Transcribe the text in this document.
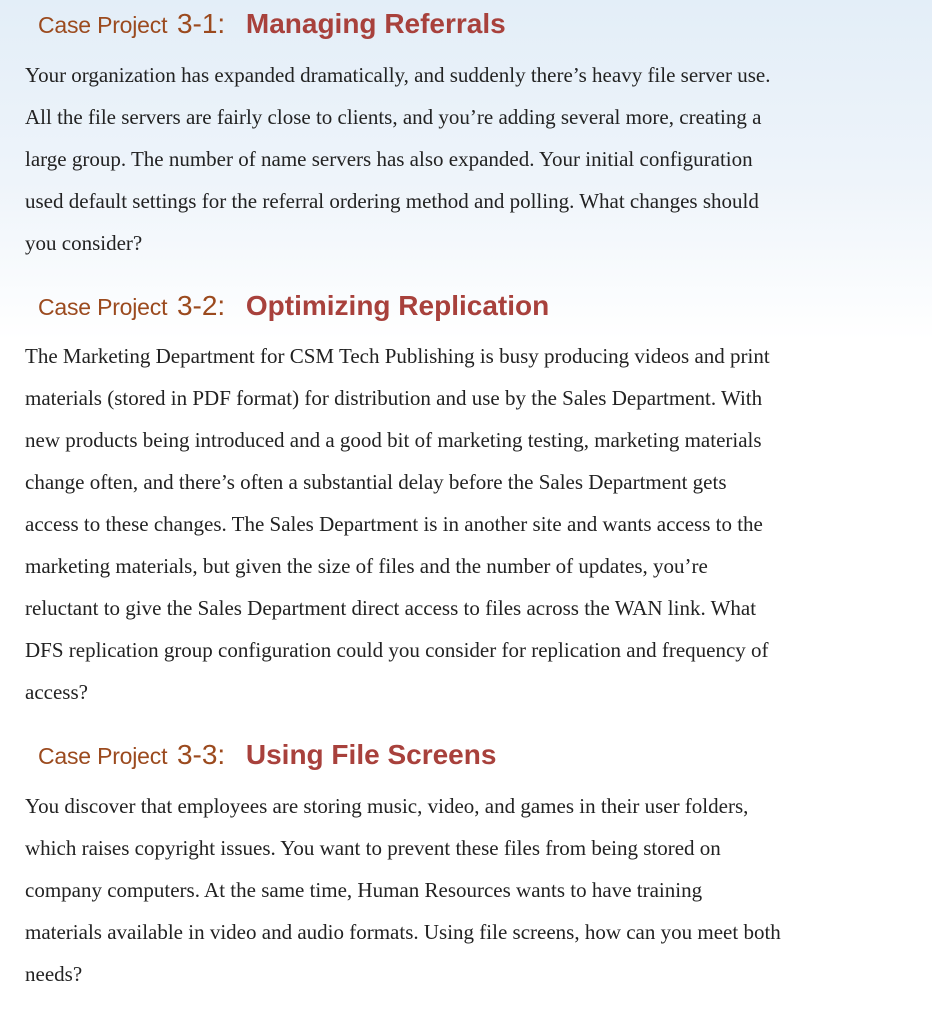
Case Project 3-1: Managing Referrals

Your organization has expanded dramatically, and suddenly there’s heavy file server use.
All the file servers are fairly close to clients, and you’re adding several more, creating a
large group. The number of name servers has also expanded. Your initial configuration
used default settings for the referral ordering method and polling. What changes should
you consider?

Case Project 3-2: Optimizing Replication

The Marketing Department for CSM Tech Publishing is busy producing videos and print
materials (stored in PDF format) for distribution and use by the Sales Department. With
new products being introduced and a good bit of marketing testing, marketing materials
change often, and there’s often a substantial delay before the Sales Department gets
access to these changes. The Sales Department is in another site and wants access to the
marketing materials, but given the size of files and the number of updates, you’re
reluctant to give the Sales Department direct access to files across the WAN link. What
DFS replication group configuration could you consider for replication and frequency of
access?

Case Project 3-3: Using File Screens

You discover that employees are storing music, video, and games in their user folders,
which raises copyright issues. You want to prevent these files from being stored on
company computers. At the same time, Human Resources wants to have training
materials available in video and audio formats. Using file screens, how can you meet both
needs?
